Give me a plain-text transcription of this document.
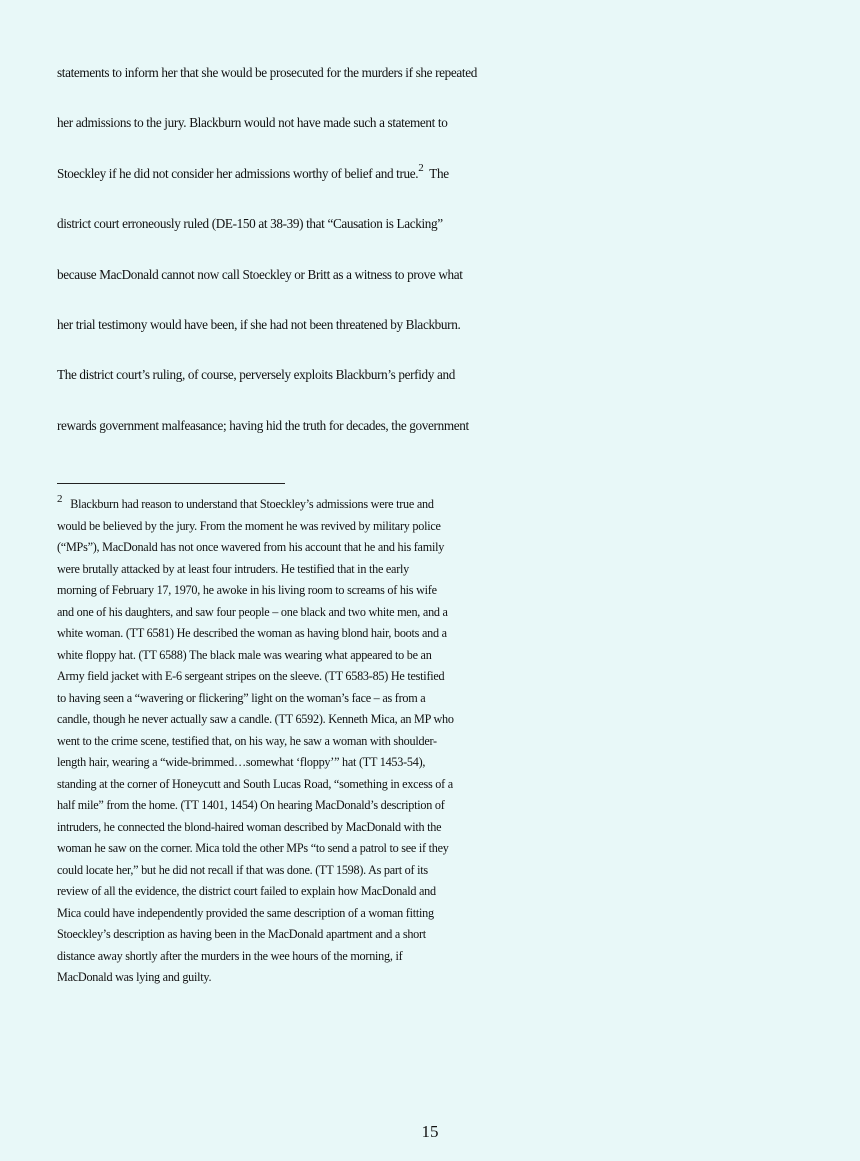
statements to inform her that she would be prosecuted for the murders if she repeated
her admissions to the jury. Blackburn would not have made such a statement to
Stoeckley if he did not consider her admissions worthy of belief and true.$^2$ The
district court erroneously ruled (DE-150 at 38-39) that “Causation is Lacking”
because MacDonald cannot now call Stoeckley or Britt as a witness to prove what
her trial testimony would have been, if she had not been threatened by Blackburn.
The district court’s ruling, of course, perversely exploits Blackburn’s perfidy and
rewards government malfeasance; having hid the truth for decades, the government
2 Blackburn had reason to understand that Stoeckley’s admissions were true and
would be believed by the jury. From the moment he was revived by military police
(“MPs”), MacDonald has not once wavered from his account that he and his family
were brutally attacked by at least four intruders. He testified that in the early
morning of February 17, 1970, he awoke in his living room to screams of his wife
and one of his daughters, and saw four people – one black and two white men, and a
white woman. (TT 6581) He described the woman as having blond hair, boots and a
white floppy hat. (TT 6588) The black male was wearing what appeared to be an
Army field jacket with E-6 sergeant stripes on the sleeve. (TT 6583-85) He testified
to having seen a “wavering or flickering” light on the woman’s face – as from a
candle, though he never actually saw a candle. (TT 6592). Kenneth Mica, an MP who
went to the crime scene, testified that, on his way, he saw a woman with shoulder-
length hair, wearing a “wide-brimmed…somewhat ‘floppy’” hat (TT 1453-54),
standing at the corner of Honeycutt and South Lucas Road, “something in excess of a
half mile” from the home. (TT 1401, 1454) On hearing MacDonald’s description of
intruders, he connected the blond-haired woman described by MacDonald with the
woman he saw on the corner. Mica told the other MPs “to send a patrol to see if they
could locate her,” but he did not recall if that was done. (TT 1598). As part of its
review of all the evidence, the district court failed to explain how MacDonald and
Mica could have independently provided the same description of a woman fitting
Stoeckley’s description as having been in the MacDonald apartment and a short
distance away shortly after the murders in the wee hours of the morning, if
MacDonald was lying and guilty.
15
